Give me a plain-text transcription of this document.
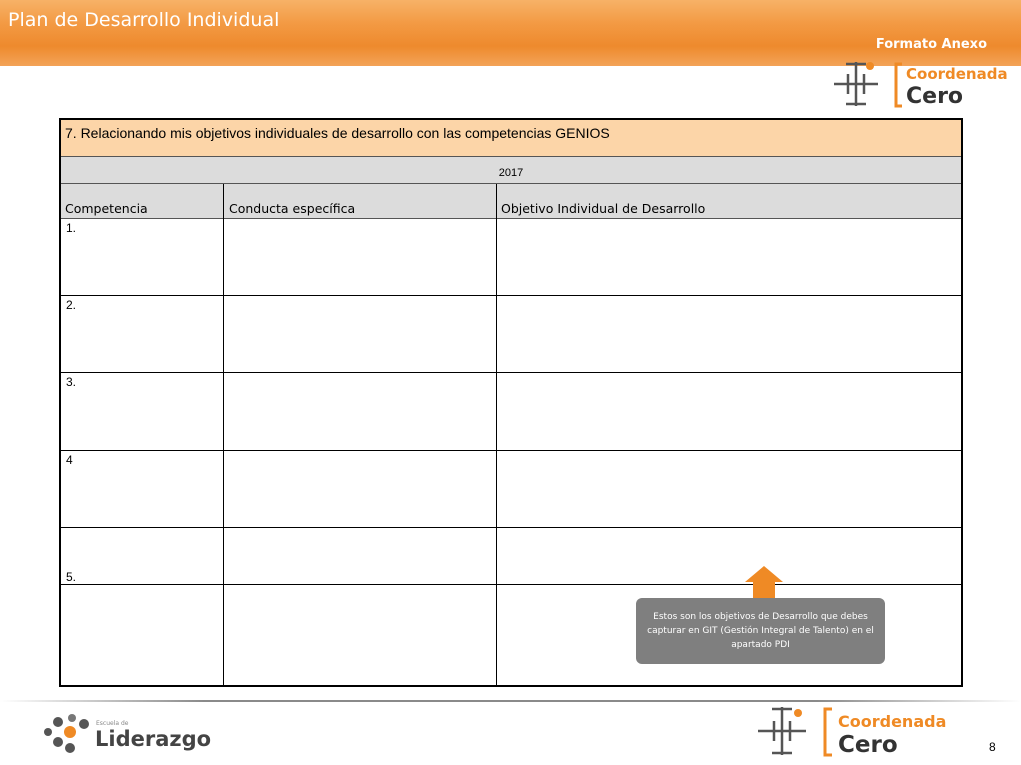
Plan de Desarrollo Individual
Formato Anexo
Coordenada
Cero
7. Relacionando mis objetivos individuales de desarrollo con las competencias GENIOS
2017
Competencia	Conducta específica	Objetivo Individual de Desarrollo
1.
2.
3.
4
5.
Estos son los objetivos de Desarrollo que debes capturar en GIT (Gestión Integral de Talento) en el apartado PDI
Escuela de
Liderazgo
Coordenada
Cero	8
